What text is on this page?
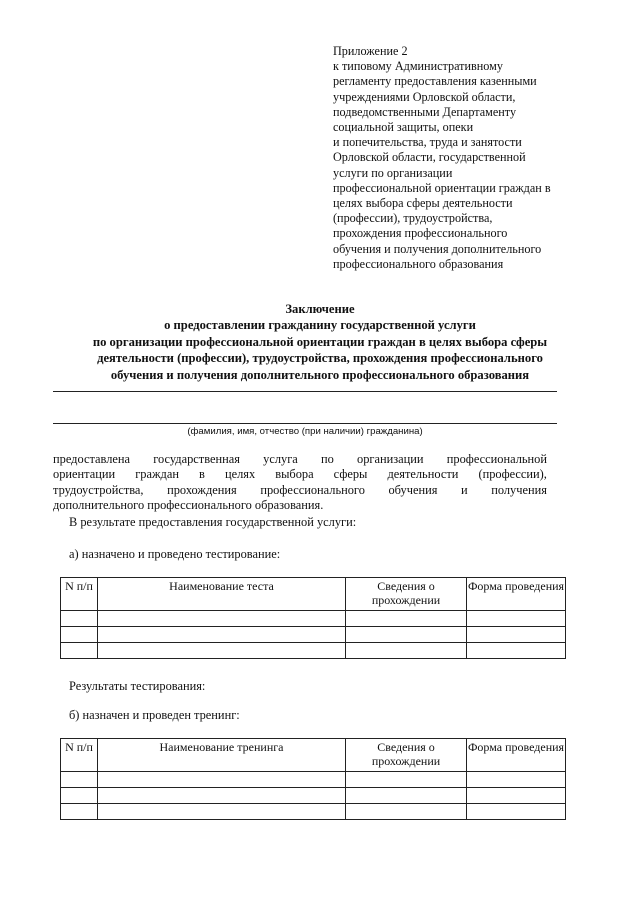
Приложение 2
к типовому Административному
регламенту предоставления казенными
учреждениями Орловской области,
подведомственными Департаменту
социальной защиты, опеки
и попечительства, труда и занятости
Орловской области, государственной
услуги по организации
профессиональной ориентации граждан в
целях выбора сферы деятельности
(профессии), трудоустройства,
прохождения профессионального
обучения и получения дополнительного
профессионального образования
Заключение
о предоставлении гражданину государственной услуги
по организации профессиональной ориентации граждан в целях выбора сферы
деятельности (профессии), трудоустройства, прохождения профессионального
обучения и получения дополнительного профессионального образования
(фамилия, имя, отчество (при наличии) гражданина)
предоставлена государственная услуга по организации профессиональной
ориентации граждан в целях выбора сферы деятельности (профессии),
трудоустройства, прохождения профессионального обучения и получения
дополнительного профессионального образования.
В результате предоставления государственной услуги:
а) назначено и проведено тестирование:
N п/п	Наименование теста	Сведения о прохождении	Форма проведения

Результаты тестирования:
б) назначен и проведен тренинг:
N п/п	Наименование тренинга	Сведения о прохождении	Форма проведения
